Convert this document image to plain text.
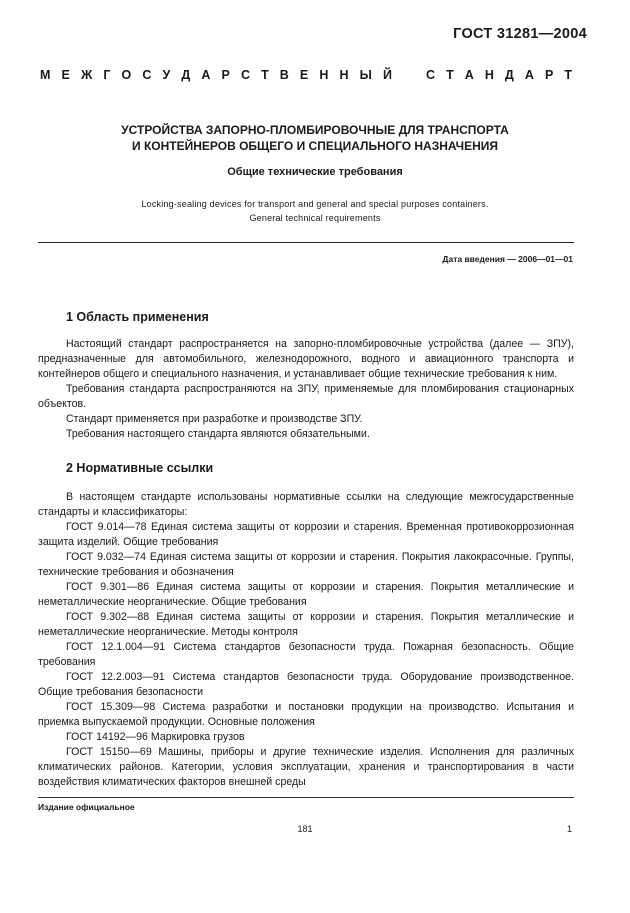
ГОСТ 31281—2004
М Е Ж Г О С У Д А Р С Т В Е Н Н Ы Й	С Т А Н Д А Р Т
УСТРОЙСТВА ЗАПОРНО-ПЛОМБИРОВОЧНЫЕ ДЛЯ ТРАНСПОРТА
И КОНТЕЙНЕРОВ ОБЩЕГО И СПЕЦИАЛЬНОГО НАЗНАЧЕНИЯ
Общие технические требования
Locking-sealing devices for transport and general and special purposes containers.
General technical requirements
Дата введения — 2006—01—01
1 Область применения
Настоящий стандарт распространяется на запорно-пломбировочные устройства (далее — ЗПУ), предназначенные для автомобильного, железнодорожного, водного и авиационного транспорта и контейнеров общего и специального назначения, и устанавливает общие технические требования к ним.
Требования стандарта распространяются на ЗПУ, применяемые для пломбирования стационарных объектов.
Стандарт применяется при разработке и производстве ЗПУ.
Требования настоящего стандарта являются обязательными.
2 Нормативные ссылки
В настоящем стандарте использованы нормативные ссылки на следующие межгосударственные стандарты и классификаторы:
ГОСТ 9.014—78 Единая система защиты от коррозии и старения. Временная противокоррозионная защита изделий. Общие требования
ГОСТ 9.032—74 Единая система защиты от коррозии и старения. Покрытия лакокрасочные. Группы, технические требования и обозначения
ГОСТ 9.301—86 Единая система защиты от коррозии и старения. Покрытия металлические и неметаллические неорганические. Общие требования
ГОСТ 9.302—88 Единая система защиты от коррозии и старения. Покрытия металлические и неметаллические неорганические. Методы контроля
ГОСТ 12.1.004—91 Система стандартов безопасности труда. Пожарная безопасность. Общие требования
ГОСТ 12.2.003—91 Система стандартов безопасности труда. Оборудование производственное. Общие требования безопасности
ГОСТ 15.309—98 Система разработки и постановки продукции на производство. Испытания и приемка выпускаемой продукции. Основные положения
ГОСТ 14192—96 Маркировка грузов
ГОСТ 15150—69 Машины, приборы и другие технические изделия. Исполнения для различных климатических районов. Категории, условия эксплуатации, хранения и транспортирования в части воздействия климатических факторов внешней среды
Издание официальное
181	1
